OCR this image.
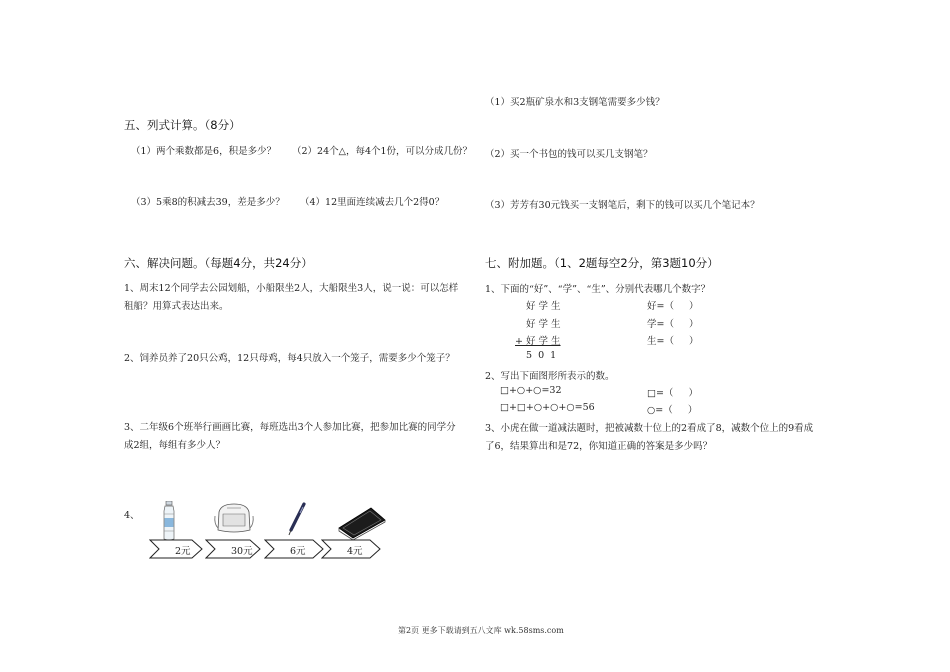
五、列式计算。（8分）
（1）两个乘数都是6，积是多少？ （2）24个△，每4个1份，可以分成几份？
（3）5乘8的积减去39，差是多少？ （4）12里面连续减去几个2得0？
六、解决问题。（每题4分，共24分）
1、周末12个同学去公园划船，小船限坐2人，大船限坐3人，说一说：可以怎样
租船？用算式表达出来。
2、饲养员养了20只公鸡，12只母鸡，每4只放入一个笼子，需要多少个笼子？
3、二年级6个班举行画画比赛，每班选出3个人参加比赛，把参加比赛的同学分
成2组，每组有多少人？
4、
2元	30元	6元	4元
（1）买2瓶矿泉水和3支钢笔需要多少钱？
（2）买一个书包的钱可以买几支钢笔？
（3）芳芳有30元钱买一支钢笔后，剩下的钱可以买几个笔记本？
七、附加题。（1、2题每空2分，第3题10分）
1、下面的“好”、“学”、“生”、分别代表哪几个数字？
好 学 生
好 学 生
+ 好 学 生
5  0  1
好=（     ）
学=（     ）
生=（     ）
2、写出下面图形所表示的数。
□+○+○=32
□+□+○+○+○=56
□=（     ）
○=（     ）
3、小虎在做一道减法题时，把被减数十位上的2看成了8，减数个位上的9看成
了6，结果算出和是72，你知道正确的答案是多少吗？
第2页 更多下载请到五八文库 wk.58sms.com
